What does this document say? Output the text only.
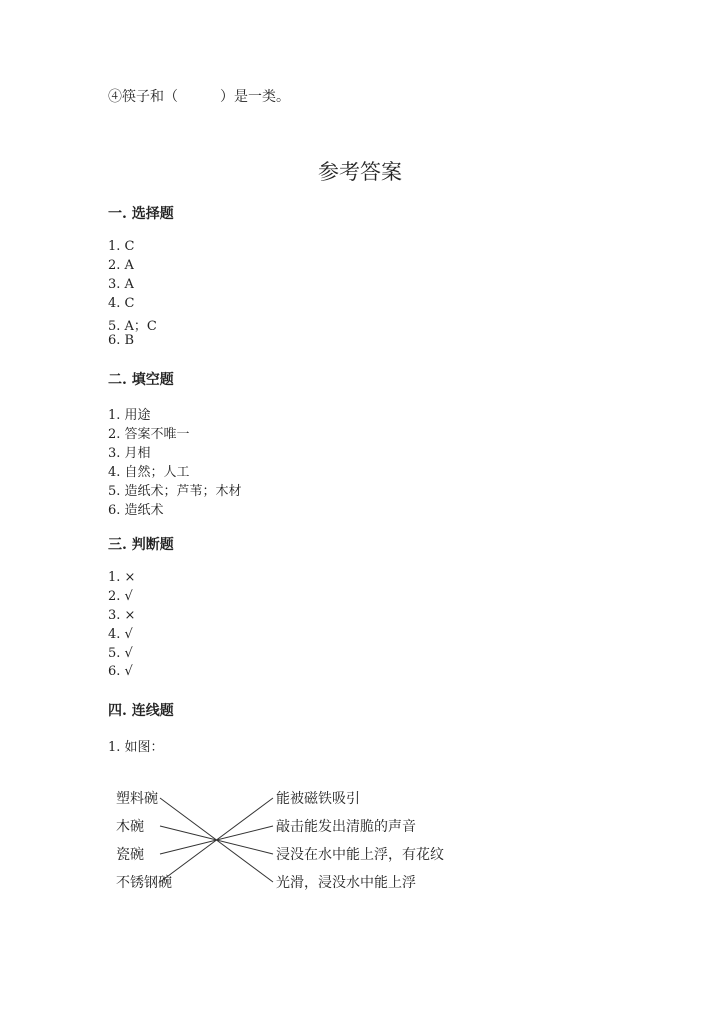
④筷子和（　　　）是一类。
参考答案
一. 选择题
1. C
2. A
3. A
4. C
5. A；C
6. B
二. 填空题
1. 用途
2. 答案不唯一
3. 月相
4. 自然；人工
5. 造纸术；芦苇；木材
6. 造纸术
三. 判断题
1. ×
2. √
3. ×
4. √
5. √
6. √
四. 连线题
1. 如图：
塑料碗
木碗
瓷碗
不锈钢碗
能被磁铁吸引
敲击能发出清脆的声音
浸没在水中能上浮，有花纹
光滑，浸没水中能上浮
